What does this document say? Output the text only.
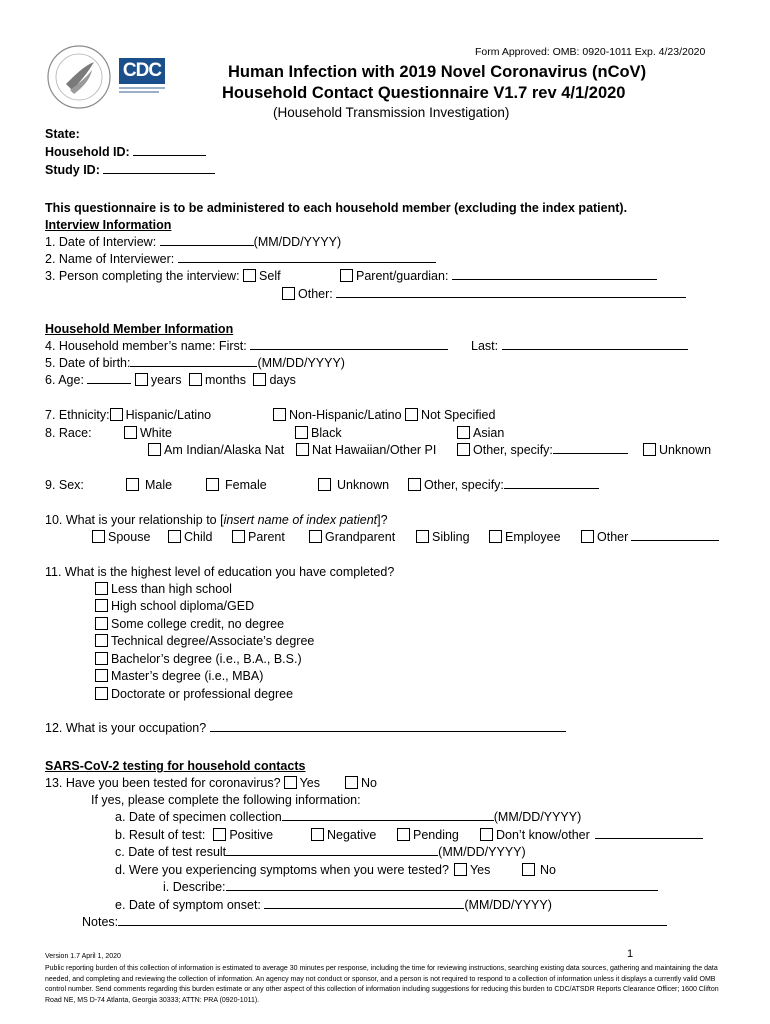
CDC
Form Approved: OMB: 0920-1011 Exp. 4/23/2020
Human Infection with 2019 Novel Coronavirus (nCoV)
Household Contact Questionnaire V1.7 rev 4/1/2020
(Household Transmission Investigation)
State:
Household ID:
Study ID:
This questionnaire is to be administered to each household member (excluding the index patient).
Interview Information
1. Date of Interview:	(MM/DD/YYYY)
2. Name of Interviewer:
3. Person completing the interview: Self	Parent/guardian:
Other:
Household Member Information
4. Household member’s name: First:	Last:
5. Date of birth:	(MM/DD/YYYY)
6. Age:	years months days
7. Ethnicity: Hispanic/Latino	Non-Hispanic/Latino Not Specified
8. Race:	White	Black	Asian
Am Indian/Alaska Nat	Nat Hawaiian/Other PI	Other, specify:	Unknown
9. Sex:	Male	Female	Unknown	Other, specify:
10. What is your relationship to [insert name of index patient]?
Spouse	Child	Parent	Grandparent	Sibling	Employee	Other
11. What is the highest level of education you have completed?
Less than high school
High school diploma/GED
Some college credit, no degree
Technical degree/Associate’s degree
Bachelor’s degree (i.e., B.A., B.S.)
Master’s degree (i.e., MBA)
Doctorate or professional degree
12. What is your occupation?
SARS-CoV-2 testing for household contacts
13. Have you been tested for coronavirus? Yes	No
If yes, please complete the following information:
a. Date of specimen collection	(MM/DD/YYYY)
b. Result of test: Positive	Negative	Pending	Don’t know/other
c. Date of test result	(MM/DD/YYYY)
d. Were you experiencing symptoms when you were tested? Yes	No
i. Describe:
e. Date of symptom onset:	(MM/DD/YYYY)
Notes:
Version 1.7 April 1, 2020	1
Public reporting burden of this collection of information is estimated to average 30 minutes per response, including the time for reviewing instructions, searching existing data sources, gathering and maintaining the data needed, and completing and reviewing the collection of information. An agency may not conduct or sponsor, and a person is not required to respond to a collection of information unless it displays a currently valid OMB control number. Send comments regarding this burden estimate or any other aspect of this collection of information including suggestions for reducing this burden to CDC/ATSDR Reports Clearance Officer; 1600 Clifton Road NE, MS D-74 Atlanta, Georgia 30333; ATTN: PRA (0920-1011).
